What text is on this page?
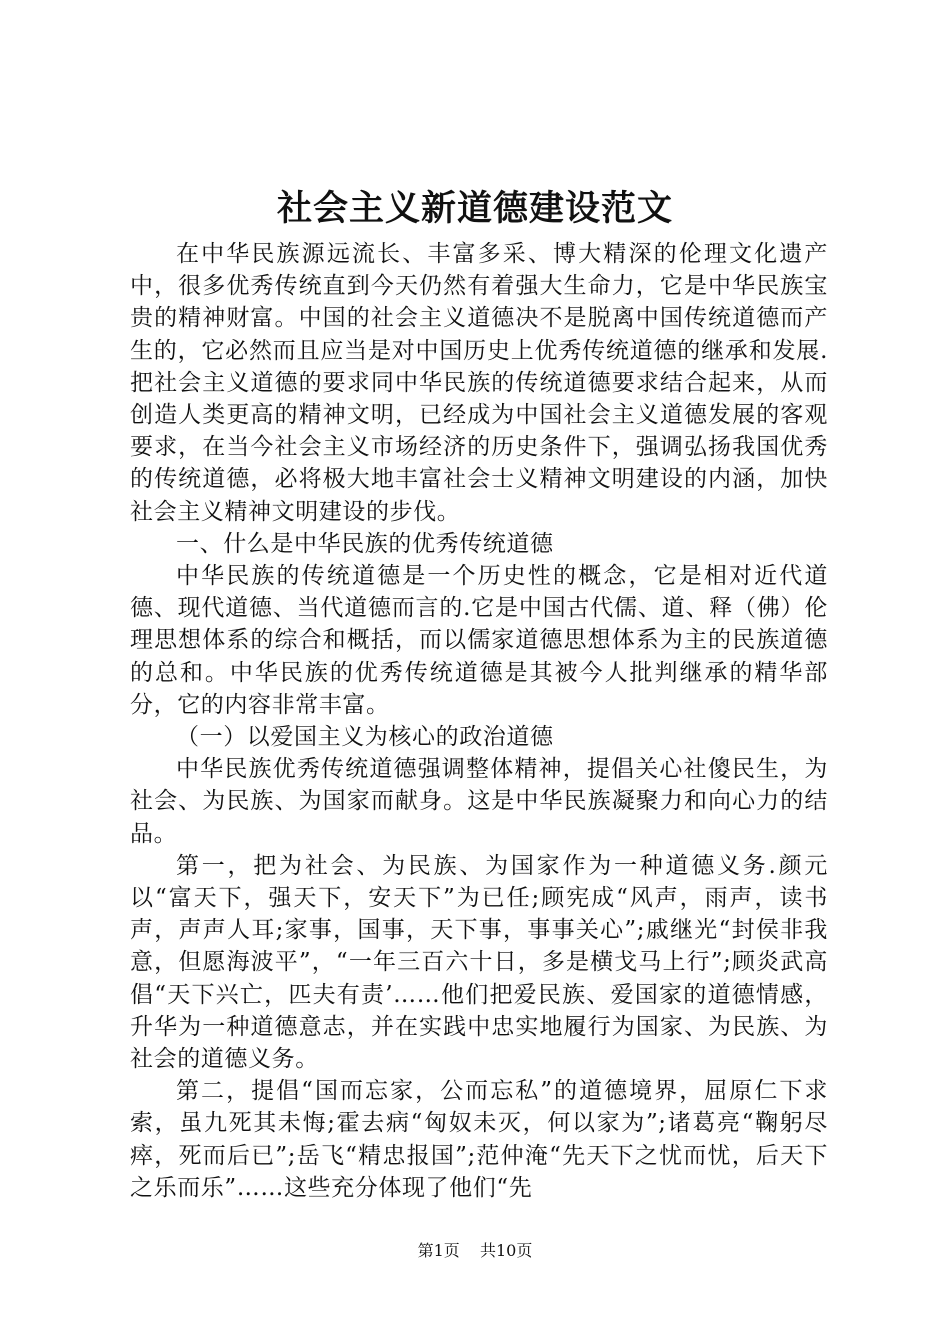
社会主义新道德建设范文

在中华民族源远流长、丰富多采、博大精深的伦理文化遗产中，很多优秀传统直到今天仍然有着强大生命力，它是中华民族宝贵的精神财富。中国的社会主义道德决不是脱离中国传统道德而产生的，它必然而且应当是对中国历史上优秀传统道德的继承和发展.把社会主义道德的要求同中华民族的传统道德要求结合起来，从而创造人类更高的精神文明，已经成为中国社会主义道德发展的客观要求，在当今社会主义市场经济的历史条件下，强调弘扬我国优秀的传统道德，必将极大地丰富社会士义精神文明建设的内涵，加快社会主义精神文明建设的步伐。

一、什么是中华民族的优秀传统道德

中华民族的传统道德是一个历史性的概念，它是相对近代道德、现代道德、当代道德而言的.它是中国古代儒、道、释（佛）伦理思想体系的综合和概括，而以儒家道德思想体系为主的民族道德的总和。中华民族的优秀传统道德是其被今人批判继承的精华部分，它的内容非常丰富。

（一）以爱国主义为核心的政治道德

中华民族优秀传统道德强调整体精神，提倡关心社傻民生，为社会、为民族、为国家而献身。这是中华民族凝聚力和向心力的结品。

第一，把为社会、为民族、为国家作为一种道德义务.颜元以“富天下，强天下，安天下”为已任;顾宪成“风声，雨声，读书声，声声人耳;家事，国事，天下事，事事关心”;戚继光“封侯非我意，但愿海波平”，“一年三百六十日，多是横戈马上行”;顾炎武高倡“天下兴亡，匹夫有责’……他们把爱民族、爱国家的道德情感，升华为一种道德意志，并在实践中忠实地履行为国家、为民族、为社会的道德义务。

第二，提倡“国而忘家，公而忘私”的道德境界，屈原仁下求索，虽九死其未悔;霍去病“匈奴未灭，何以家为”;诸葛亮“鞠躬尽瘁，死而后已”;岳飞“精忠报国”;范仲淹“先天下之忧而忧，后天下之乐而乐”……这些充分体现了他们“先

第1页 共10页
